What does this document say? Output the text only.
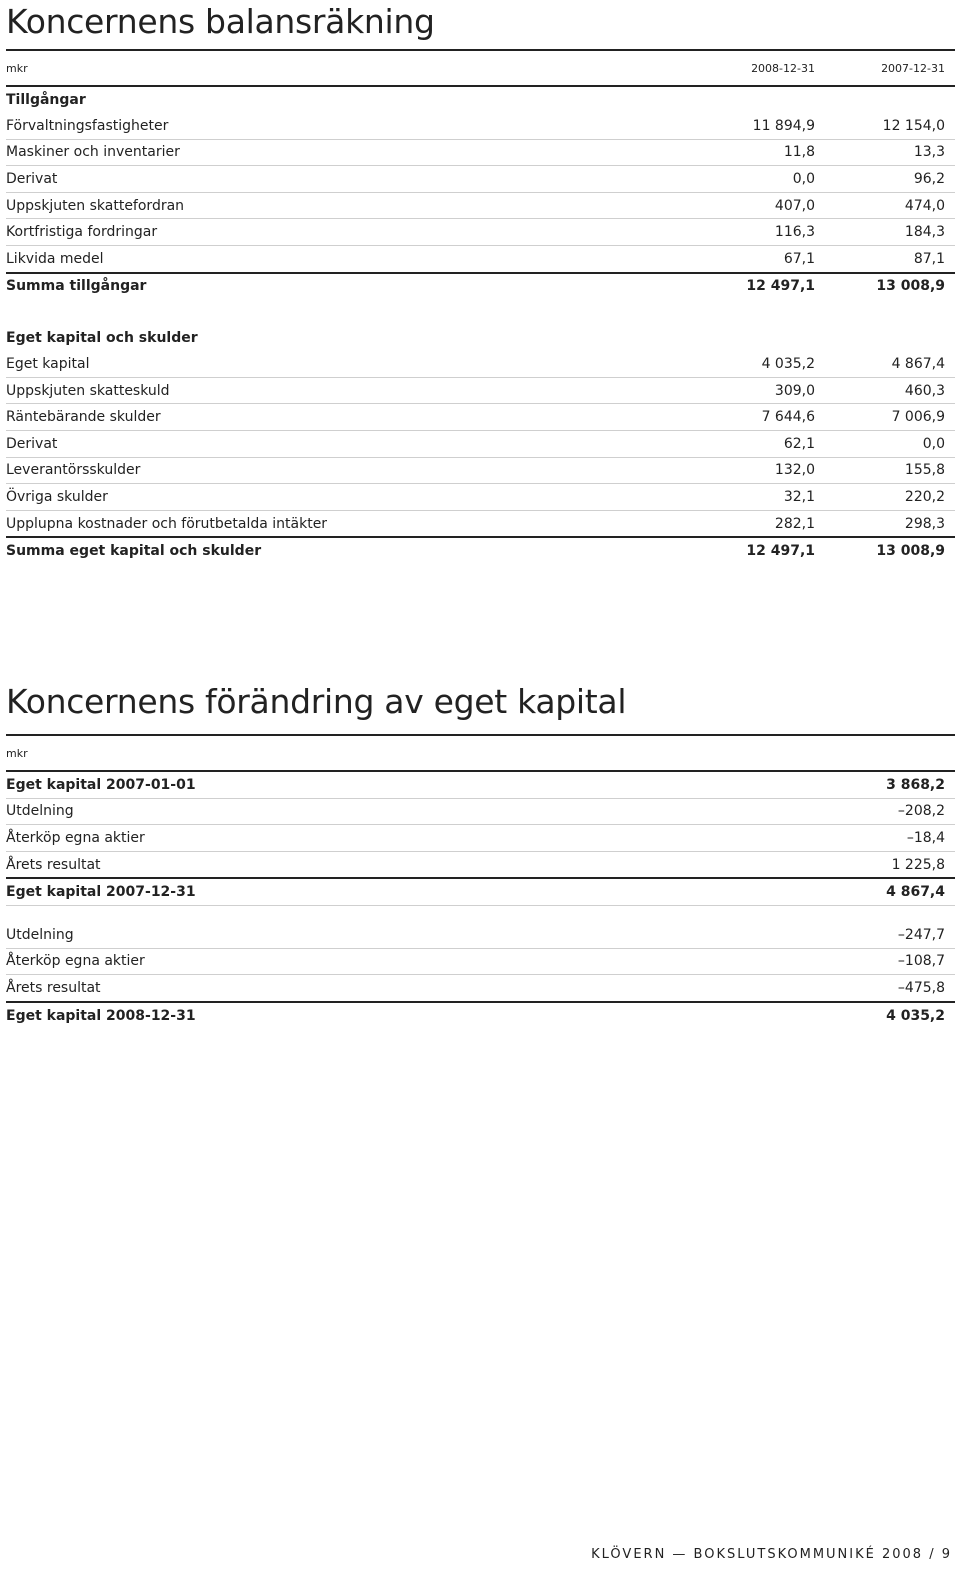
Koncernens balansräkning
mkr	2008-12-31	2007-12-31
Tillgångar		
Förvaltningsfastigheter	11 894,9	12 154,0
Maskiner och inventarier	11,8	13,3
Derivat	0,0	96,2
Uppskjuten skattefordran	407,0	474,0
Kortfristiga fordringar	116,3	184,3
Likvida medel	67,1	87,1
Summa tillgångar	12 497,1	13 008,9

Eget kapital och skulder		
Eget kapital	4 035,2	4 867,4
Uppskjuten skatteskuld	309,0	460,3
Räntebärande skulder	7 644,6	7 006,9
Derivat	62,1	0,0
Leverantörsskulder	132,0	155,8
Övriga skulder	32,1	220,2
Upplupna kostnader och förutbetalda intäkter	282,1	298,3
Summa eget kapital och skulder	12 497,1	13 008,9
Koncernens förändring av eget kapital
mkr	
Eget kapital 2007-01-01	3 868,2
Utdelning	–208,2
Återköp egna aktier	–18,4
Årets resultat	1 225,8
Eget kapital 2007-12-31	4 867,4

Utdelning	–247,7
Återköp egna aktier	–108,7
Årets resultat	–475,8
Eget kapital 2008-12-31	4 035,2
KLÖVERN — BOKSLUTSKOMMUNIKÉ 2008 / 9
